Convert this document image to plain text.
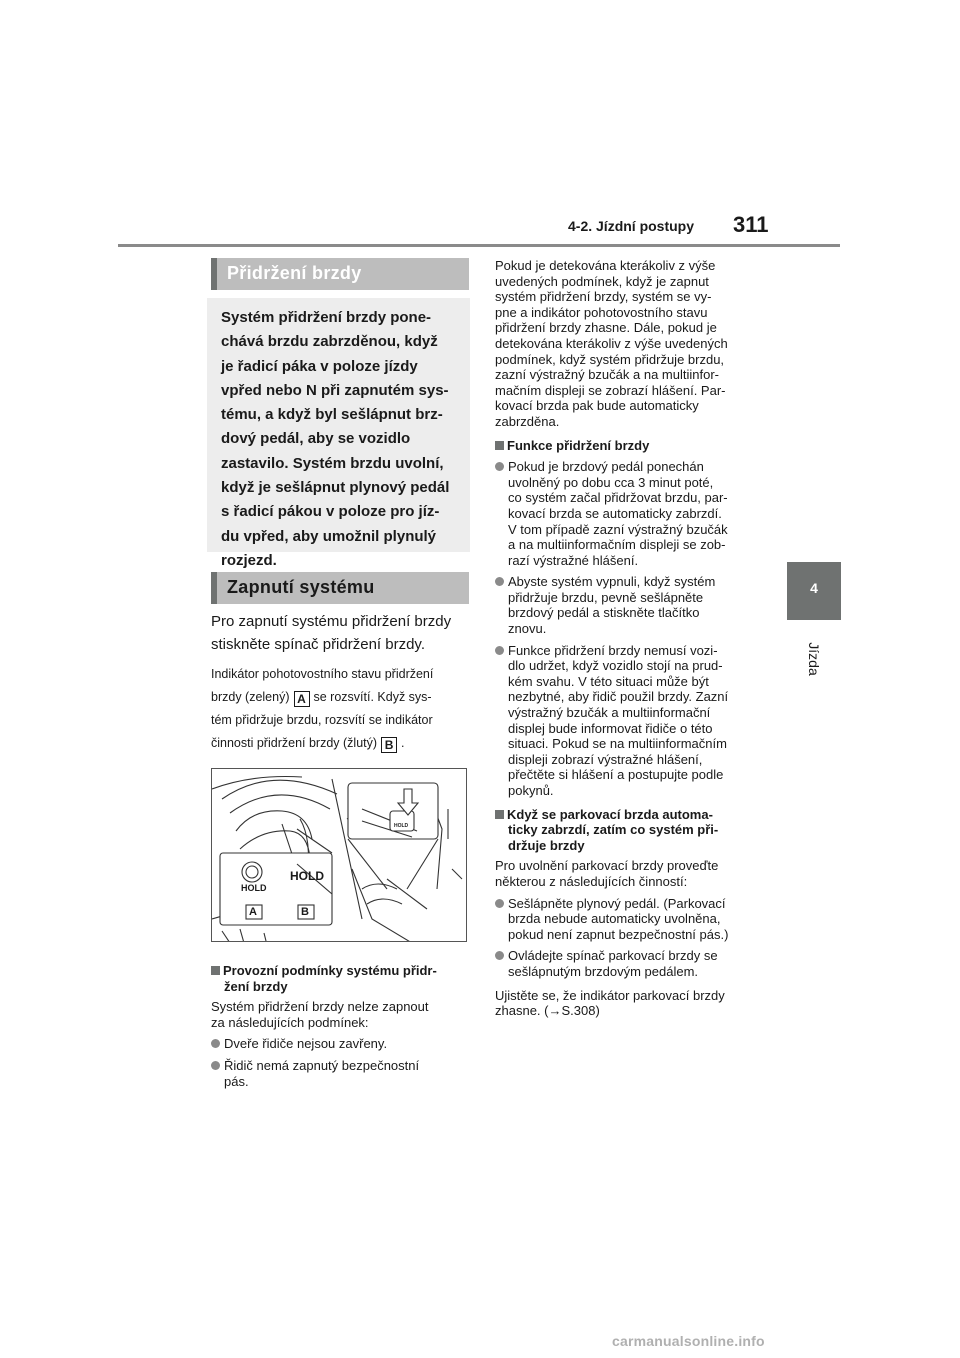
4-2. Jízdní postupy 311
4
Jízda
Přidržení brzdy
Systém přidržení brzdy pone-
chává brzdu zabrzděnou, když
je řadicí páka v poloze jízdy
vpřed nebo N při zapnutém sys-
tému, a když byl sešlápnut brz-
dový pedál, aby se vozidlo
zastavilo. Systém brzdu uvolní,
když je sešlápnut plynový pedál
s řadicí pákou v poloze pro jíz-
du vpřed, aby umožnil plynulý
rozjezd.
Zapnutí systému
Pro zapnutí systému přidržení brzdy
stiskněte spínač přidržení brzdy.
Indikátor pohotovostního stavu přidržení
brzdy (zelený) A se rozsvítí. Když sys-
tém přidržuje brzdu, rozsvítí se indikátor
činnosti přidržení brzdy (žlutý) B .
HOLD
HOLD
A	B
HOLD
Provozní podmínky systému přidr-
žení brzdy
Systém přidržení brzdy nelze zapnout
za následujících podmínek:
Dveře řidiče nejsou zavřeny.
Řidič nemá zapnutý bezpečnostní
pás.
Pokud je detekována kterákoliv z výše
uvedených podmínek, když je zapnut
systém přidržení brzdy, systém se vy-
pne a indikátor pohotovostního stavu
přidržení brzdy zhasne. Dále, pokud je
detekována kterákoliv z výše uvedených
podmínek, když systém přidržuje brzdu,
zazní výstražný bzučák a na multiinfor-
mačním displeji se zobrazí hlášení. Par-
kovací brzda pak bude automaticky
zabrzděna.
Funkce přidržení brzdy
Pokud je brzdový pedál ponechán
uvolněný po dobu cca 3 minut poté,
co systém začal přidržovat brzdu, par-
kovací brzda se automaticky zabrzdí.
V tom případě zazní výstražný bzučák
a na multiinformačním displeji se zob-
razí výstražné hlášení.
Abyste systém vypnuli, když systém
přidržuje brzdu, pevně sešlápněte
brzdový pedál a stiskněte tlačítko
znovu.
Funkce přidržení brzdy nemusí vozi-
dlo udržet, když vozidlo stojí na prud-
kém svahu. V této situaci může být
nezbytné, aby řidič použil brzdy. Zazní
výstražný bzučák a multiinformační
displej bude informovat řidiče o této
situaci. Pokud se na multiinformačním
displeji zobrazí výstražné hlášení,
přečtěte si hlášení a postupujte podle
pokynů.
Když se parkovací brzda automa-
ticky zabrzdí, zatím co systém při-
držuje brzdy
Pro uvolnění parkovací brzdy proveďte
některou z následujících činností:
Sešlápněte plynový pedál. (Parkovací
brzda nebude automaticky uvolněna,
pokud není zapnut bezpečnostní pás.)
Ovládejte spínač parkovací brzdy se
sešlápnutým brzdovým pedálem.
Ujistěte se, že indikátor parkovací brzdy
zhasne. (→S.308)
carmanualsonline.info
